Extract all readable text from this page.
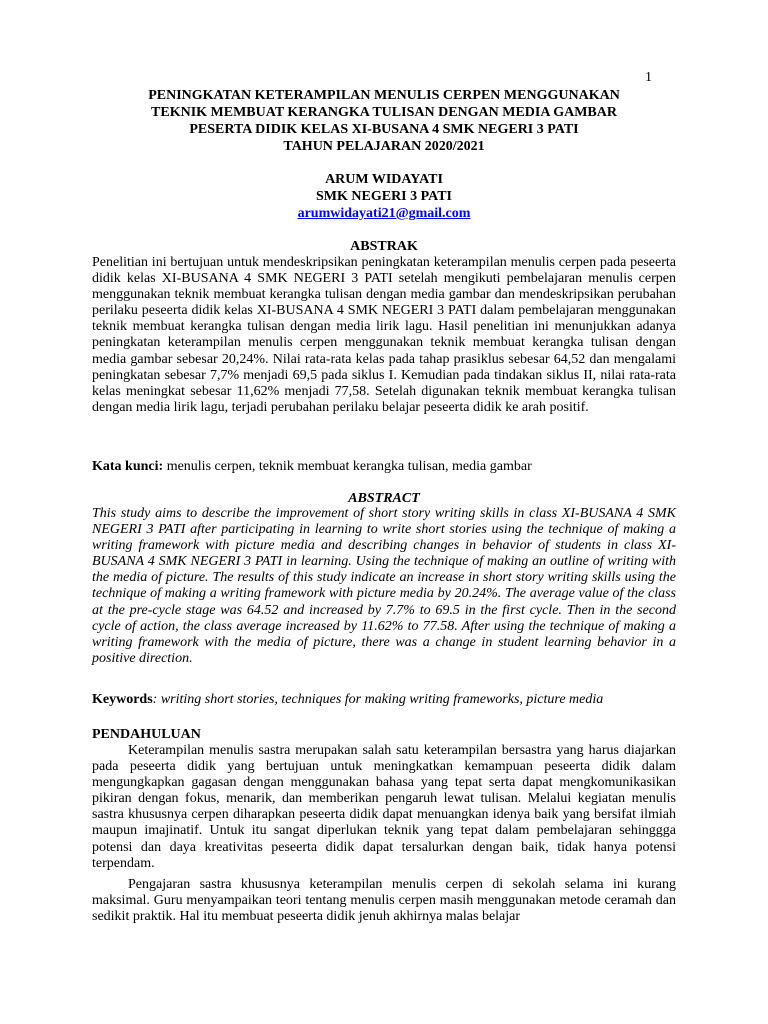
1
PENINGKATAN KETERAMPILAN MENULIS CERPEN MENGGUNAKAN
TEKNIK MEMBUAT KERANGKA TULISAN DENGAN MEDIA GAMBAR
PESERTA DIDIK KELAS XI-BUSANA 4 SMK NEGERI 3 PATI
TAHUN PELAJARAN 2020/2021
ARUM WIDAYATI
SMK NEGERI 3 PATI
arumwidayati21@gmail.com
ABSTRAK
Penelitian ini bertujuan untuk mendeskripsikan peningkatan keterampilan menulis cerpen pada peseerta didik kelas XI-BUSANA 4 SMK NEGERI 3 PATI setelah mengikuti pembelajaran menulis cerpen menggunakan teknik membuat kerangka tulisan dengan media gambar dan mendeskripsikan perubahan perilaku peseerta didik kelas XI-BUSANA 4 SMK NEGERI 3 PATI dalam pembelajaran menggunakan teknik membuat kerangka tulisan dengan media lirik lagu. Hasil penelitian ini menunjukkan adanya peningkatan keterampilan menulis cerpen menggunakan teknik membuat kerangka tulisan dengan media gambar sebesar 20,24%. Nilai rata-rata kelas pada tahap prasiklus sebesar 64,52 dan mengalami peningkatan sebesar 7,7% menjadi 69,5 pada siklus I. Kemudian pada tindakan siklus II, nilai rata-rata kelas meningkat sebesar 11,62% menjadi 77,58. Setelah digunakan teknik membuat kerangka tulisan dengan media lirik lagu, terjadi perubahan perilaku belajar peseerta didik ke arah positif.
Kata kunci: menulis cerpen, teknik membuat kerangka tulisan, media gambar
ABSTRACT
This study aims to describe the improvement of short story writing skills in class XI-BUSANA 4 SMK NEGERI 3 PATI after participating in learning to write short stories using the technique of making a writing framework with picture media and describing changes in behavior of students in class XI-BUSANA 4 SMK NEGERI 3 PATI in learning. Using the technique of making an outline of writing with the media of picture. The results of this study indicate an increase in short story writing skills using the technique of making a writing framework with picture media by 20.24%. The average value of the class at the pre-cycle stage was 64.52 and increased by 7.7% to 69.5 in the first cycle. Then in the second cycle of action, the class average increased by 11.62% to 77.58. After using the technique of making a writing framework with the media of picture, there was a change in student learning behavior in a positive direction.
Keywords: writing short stories, techniques for making writing frameworks, picture media
PENDAHULUAN
Keterampilan menulis sastra merupakan salah satu keterampilan bersastra yang harus diajarkan pada peseerta didik yang bertujuan untuk meningkatkan kemampuan peseerta didik dalam mengungkapkan gagasan dengan menggunakan bahasa yang tepat serta dapat mengkomunikasikan pikiran dengan fokus, menarik, dan memberikan pengaruh lewat tulisan. Melalui kegiatan menulis sastra khususnya cerpen diharapkan peseerta didik dapat menuangkan idenya baik yang bersifat ilmiah maupun imajinatif. Untuk itu sangat diperlukan teknik yang tepat dalam pembelajaran sehinggga potensi dan daya kreativitas peseerta didik dapat tersalurkan dengan baik, tidak hanya potensi terpendam.
Pengajaran sastra khususnya keterampilan menulis cerpen di sekolah selama ini kurang maksimal. Guru menyampaikan teori tentang menulis cerpen masih menggunakan metode ceramah dan sedikit praktik. Hal itu membuat peseerta didik jenuh akhirnya malas belajar
